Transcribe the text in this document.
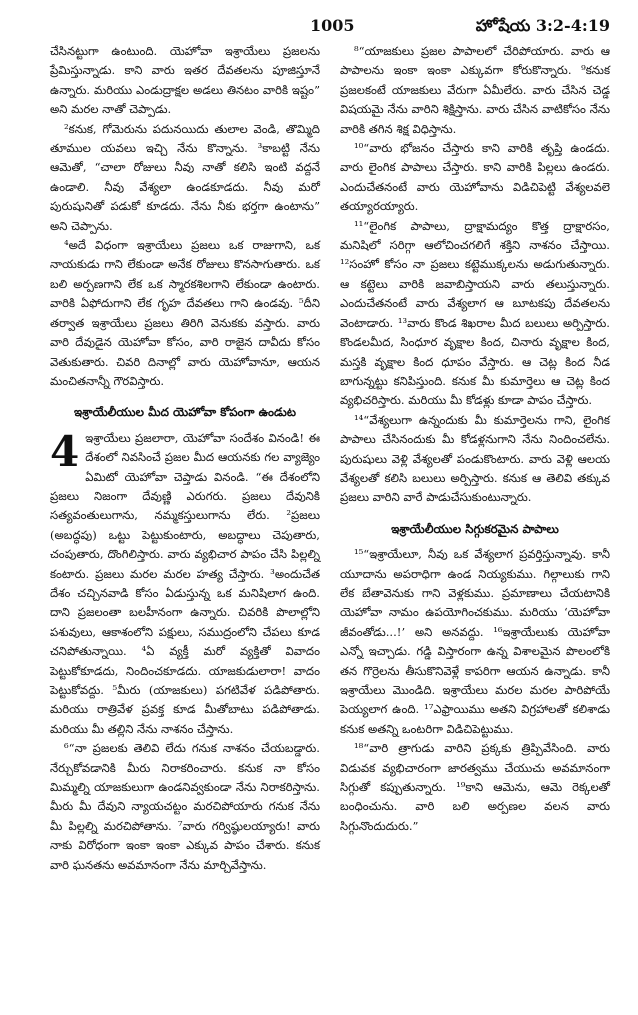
1005	హోషేయ 3:2-4:19

చేసినట్టుగా ఉంటుంది. యెహోవా ఇశ్రాయేలు ప్రజలను ప్రేమిస్తున్నాడు. కాని వారు ఇతర దేవతలను పూజిస్తూనే ఉన్నారు. మరియు ఎండుద్రాక్షల అడలు తినటం వారికి ఇష్టం” అని మరల నాతో చెప్పాడు.

²కనుక, గోమెరును పదునయిదు తులాల వెండి, తొమ్మిది తూముల యవలు ఇచ్చి నేను కొన్నాను. ³కాబట్టి నేను ఆమెతో, “చాలా రోజులు నీవు నాతో కలిసి ఇంటి వద్దనే ఉండాలి. నీవు వేశ్యలా ఉండకూడదు. నీవు మరో పురుషునితో పడుకో కూడదు. నేను నీకు భర్తగా ఉంటాను” అని చెప్పాను.

⁴అదే విధంగా ఇశ్రాయేలు ప్రజలు ఒక రాజుగాని, ఒక నాయకుడు గాని లేకుండా అనేక రోజులు కొనసాగుతారు. ఒక బలి అర్పణగాని లేక ఒక స్మారకశిలగాని లేకుండా ఉంటారు. వారికి ఏఫోదుగాని లేక గృహ దేవతలు గాని ఉండవు. ⁵దీని తర్వాత ఇశ్రాయేలు ప్రజలు తిరిగి వెనుకకు వస్తారు. వారు వారి దేవుడైన యెహోవా కోసం, వారి రాజైన దావీదు కోసం వెతుకుతారు. చివరి దినాల్లో వారు యెహోవానూ, ఆయన మంచితనాన్నీ గౌరవిస్తారు.

ఇశ్రాయేలీయుల మీద యెహోవా కోపంగా ఉండుట
4 ఇశ్రాయేలు ప్రజలారా, యెహోవా సందేశం వినండి! ఈ దేశంలో నివసించే ప్రజల మీద ఆయనకు గల వ్యాజ్యెం ఏమిటో యెహోవా చెప్తాడు వినండి. “ఈ దేశంలోని ప్రజలు నిజంగా దేవుణ్ణి ఎరుగరు. ప్రజలు దేవునికి సత్యవంతులుగాను, నమ్మకస్తులుగాను లేరు. ²ప్రజలు (అబద్ధపు) ఒట్టు పెట్టుకుంటారు, అబద్ధాలు చెపుతారు, చంపుతారు, దొంగిలిస్తారు. వారు వ్యభిచార పాపం చేసి పిల్లల్ని కంటారు. ప్రజలు మరల మరల హత్య చేస్తారు. ³అందుచేత దేశం చచ్చినవాడి కోసం ఏడుస్తున్న ఒక మనిషిలాగ ఉంది. దాని ప్రజలంతా బలహీనంగా ఉన్నారు. చివరికి పొలాల్లోని పశువులు, ఆకాశంలోని పక్షులు, సముద్రంలోని చేపలు కూడ చనిపోతున్నాయి. ⁴ఏ వ్యక్తీ మరో వ్యక్తితో వివాదం పెట్టుకోకూడదు, నిందించకూడదు. యాజకుడులారా! వాదం పెట్టుకోవద్దు. ⁵మీరు (యాజకులు) పగటివేళ పడిపోతారు. మరియు రాత్రివేళ ప్రవక్త కూడ మీతోబాటు పడిపోతాడు. మరియు మీ తల్లిని నేను నాశనం చేస్తాను.

⁶“నా ప్రజలకు తెలివి లేదు గనుక నాశనం చేయబడ్డారు. నేర్చుకోవడానికి మీరు నిరాకరించారు. కనుక నా కోసం మిమ్మల్ని యాజకులుగా ఉండనివ్వకుండా నేను నిరాకరిస్తాను. మీరు మీ దేవుని న్యాయచట్టం మరచిపోయారు గనుక నేను మీ పిల్లల్ని మరచిపోతాను. ⁷వారు గర్విష్ఠులయ్యారు! వారు నాకు విరోధంగా ఇంకా ఇంకా ఎక్కువ పాపం చేశారు. కనుక వారి ఘనతను అవమానంగా నేను మార్చివేస్తాను.

⁸“యాజకులు ప్రజల పాపాలలో చేరిపోయారు. వారు ఆ పాపాలను ఇంకా ఇంకా ఎక్కువగా కోరుకొన్నారు. ⁹కనుక ప్రజలకంటే యాజకులు వేరుగా ఏమీలేరు. వారు చేసిన చెడ్డ విషయమై నేను వారిని శిక్షిస్తాను. వారు చేసిన వాటికోసం నేను వారికి తగిన శిక్ష విధిస్తాను.

¹⁰“వారు భోజనం చేస్తారు కాని వారికి తృప్తి ఉండదు. వారు లైంగిక పాపాలు చేస్తారు. కాని వారికి పిల్లలు ఉండరు. ఎందుచేతనంటే వారు యెహోవాను విడిచిపెట్టి వేశ్యలవలె తయ్యారయ్యారు.

¹¹“లైంగిక పాపాలు, ద్రాక్షామద్యం కొత్త ద్రాక్షారసం, మనిషిలో సరిగ్గా ఆలోచించగలిగే శక్తిని నాశనం చేస్తాయి. ¹²సంహో కోసం నా ప్రజలు కట్టెముక్కలను అడుగుతున్నారు. ఆ కట్టెలు వారికి జవాబిస్తాయని వారు తలుస్తున్నారు. ఎందుచేతనంటే వారు వేశ్యలాగ ఆ బూటకపు దేవతలను వెంటాడారు. ¹³వారు కొండ శిఖరాల మీద బలులు అర్పిస్తారు. కొండలమీద, సింధూర వృక్షాల కింద, చినారు వృక్షాల కింద, మస్తకి వృక్షాల కింద ధూపం వేస్తారు. ఆ చెట్ల కింద నీడ బాగున్నట్టు కనిపిస్తుంది. కనుక మీ కుమార్తెలు ఆ చెట్ల కింద వ్యభిచరిస్తారు. మరియు మీ కోడళ్లు కూడా పాపం చేస్తారు.

¹⁴“వేశ్యలుగా ఉన్నందుకు మీ కుమార్తెలను గాని, లైంగిక పాపాలు చేసినందుకు మీ కోడళ్లనుగాని నేను నిందించలేను. పురుషులు వెళ్లి వేశ్యలతో పండుకొంటారు. వారు వెళ్లి ఆలయ వేశ్యలతో కలిసి బలులు అర్పిస్తారు. కనుక ఆ తెలివి తక్కువ ప్రజలు వారిని వారే పాడుచేసుకుంటున్నారు.

ఇశ్రాయేలీయుల సిగ్గుకరమైన పాపాలు

¹⁵“ఇశ్రాయేలూ, నీవు ఒక వేశ్యలాగ ప్రవర్తిస్తున్నావు. కానీ యూదాను అపరాధిగా ఉండ నియ్యకుము. గిల్గాలుకు గాని లేక బేతావెనుకు గాని వెళ్లకుము. ప్రమాణాలు చేయటానికి యెహోవా నామం ఉపయోగించకుము. మరియు ‘యెహోవా జీవంతోడు...!’ అని అనవద్దు. ¹⁶ఇశ్రాయేలుకు యెహోవా ఎన్నో ఇచ్చాడు. గడ్డి విస్తారంగా ఉన్న విశాలమైన పొలంలోకి తన గొర్రెలను తీసుకొనివెళ్లే కాపరిగా ఆయన ఉన్నాడు. కానీ ఇశ్రాయేలు మొండిది. ఇశ్రాయేలు మరల మరల పారిపోయే పెయ్యలాగ ఉంది. ¹⁷ఎఫ్రాయిము అతని విగ్రహాలతో కలిశాడు కనుక అతన్ని ఒంటరిగా విడిచిపెట్టుము.

¹⁸“వారి త్రాగుడు వారిని ప్రక్కకు త్రిప్పివేసింది. వారు విడువక వ్యభిచారంగా జారత్వము చేయుచు అవమానంగా సిగ్గుతో కప్పుతున్నారు. ¹⁹కాని ఆమెను, ఆమె రెక్కలతో బంధించును. వారి బలి అర్పణల వలన వారు సిగ్గునొందుదురు.”
